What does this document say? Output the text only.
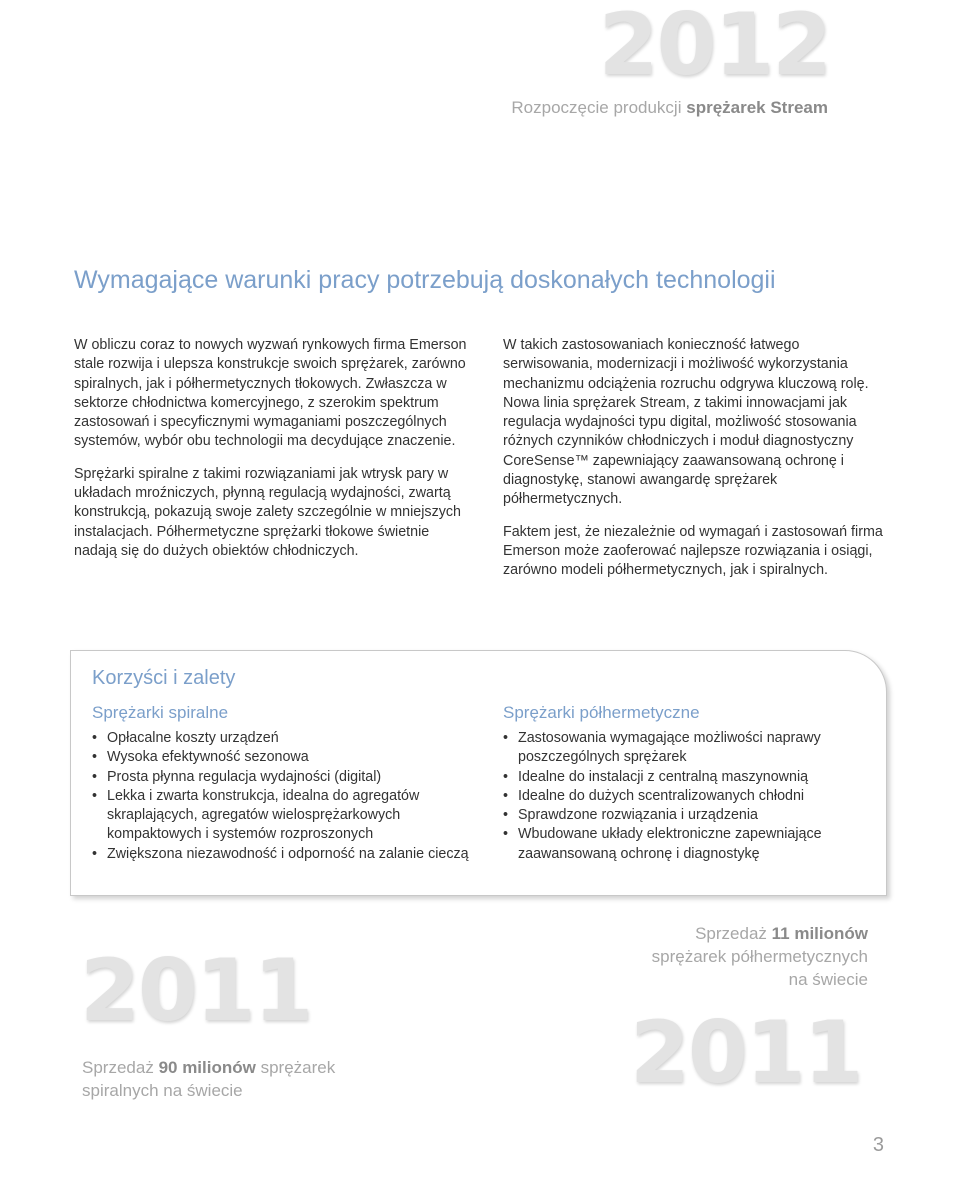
2012
Rozpoczęcie produkcji sprężarek Stream
Wymagające warunki pracy potrzebują doskonałych technologii

W obliczu coraz to nowych wyzwań rynkowych firma Emerson stale rozwija i ulepsza konstrukcje swoich sprężarek, zarówno spiralnych, jak i półhermetycznych tłokowych. Zwłaszcza w sektorze chłodnictwa komercyjnego, z szerokim spektrum zastosowań i specyficznymi wymaganiami poszczególnych systemów, wybór obu technologii ma decydujące znaczenie.

Sprężarki spiralne z takimi rozwiązaniami jak wtrysk pary w układach mroźniczych, płynną regulacją wydajności, zwartą konstrukcją, pokazują swoje zalety szczególnie w mniejszych instalacjach. Półhermetyczne sprężarki tłokowe świetnie nadają się do dużych obiektów chłodniczych.

W takich zastosowaniach konieczność łatwego serwisowania, modernizacji i możliwość wykorzystania mechanizmu odciążenia rozruchu odgrywa kluczową rolę. Nowa linia sprężarek Stream, z takimi innowacjami jak regulacja wydajności typu digital, możliwość stosowania różnych czynników chłodniczych i moduł diagnostyczny CoreSense™ zapewniający zaawansowaną ochronę i diagnostykę, stanowi awangardę sprężarek półhermetycznych.

Faktem jest, że niezależnie od wymagań i zastosowań firma Emerson może zaoferować najlepsze rozwiązania i osiągi, zarówno modeli półhermetycznych, jak i spiralnych.

Korzyści i zalety
Sprężarki spiralne	Sprężarki półhermetyczne
• Opłacalne koszty urządzeń
• Wysoka efektywność sezonowa
• Prosta płynna regulacja wydajności (digital)
• Lekka i zwarta konstrukcja, idealna do agregatów skraplających, agregatów wielosprężarkowych kompaktowych i systemów rozproszonych
• Zwiększona niezawodność i odporność na zalanie cieczą
• Zastosowania wymagające możliwości naprawy poszczególnych sprężarek
• Idealne do instalacji z centralną maszynownią
• Idealne do dużych scentralizowanych chłodni
• Sprawdzone rozwiązania i urządzenia
• Wbudowane układy elektroniczne zapewniające zaawansowaną ochronę i diagnostykę
2011
Sprzedaż 90 milionów sprężarek
spiralnych na świecie
Sprzedaż 11 milionów
sprężarek półhermetycznych
na świecie
2011
3
